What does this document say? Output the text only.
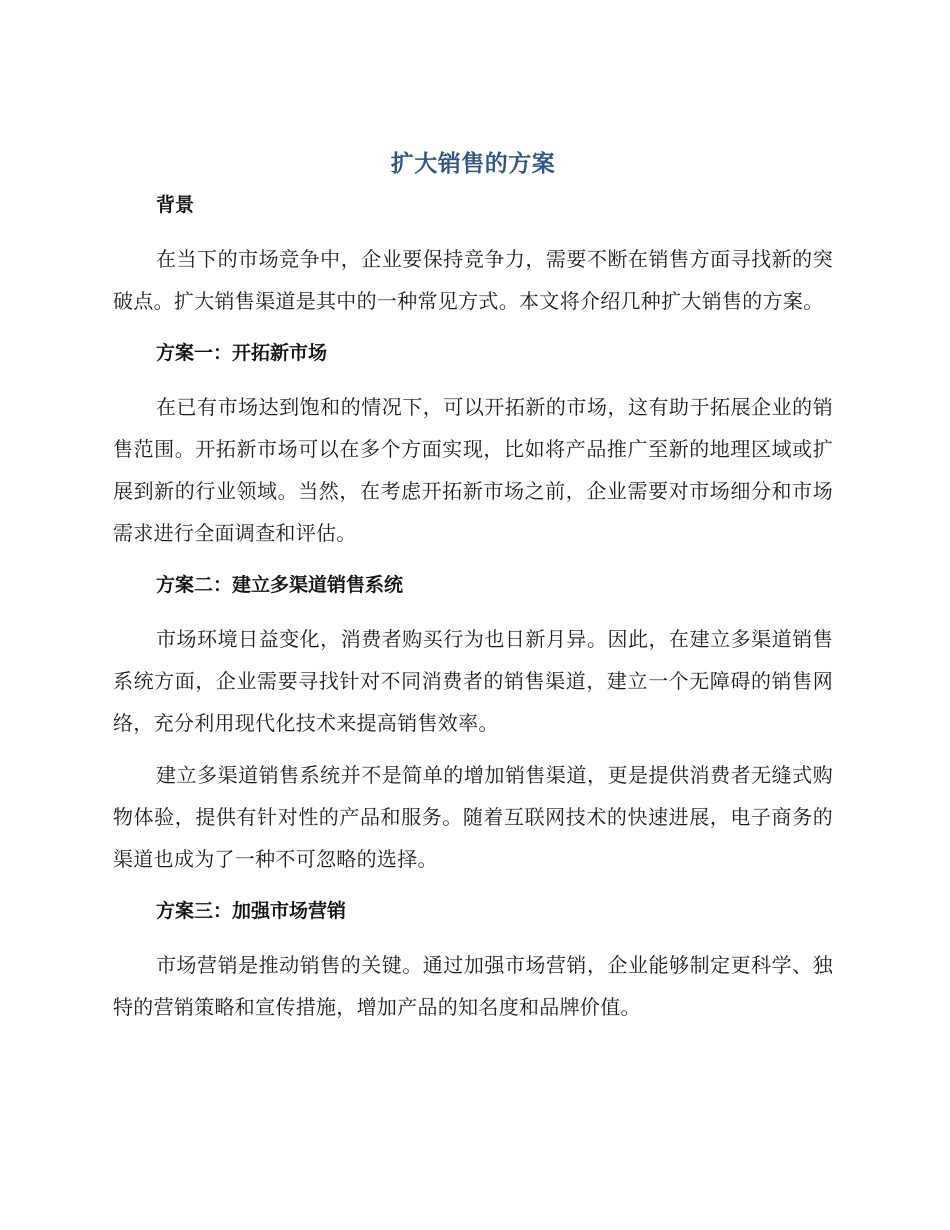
扩大销售的方案
背景

在当下的市场竞争中，企业要保持竞争力，需要不断在销售方面寻找新的突破点。扩大销售渠道是其中的一种常见方式。本文将介绍几种扩大销售的方案。

方案一：开拓新市场

在已有市场达到饱和的情况下，可以开拓新的市场，这有助于拓展企业的销售范围。开拓新市场可以在多个方面实现，比如将产品推广至新的地理区域或扩展到新的行业领域。当然，在考虑开拓新市场之前，企业需要对市场细分和市场需求进行全面调查和评估。

方案二：建立多渠道销售系统

市场环境日益变化，消费者购买行为也日新月异。因此，在建立多渠道销售系统方面，企业需要寻找针对不同消费者的销售渠道，建立一个无障碍的销售网络，充分利用现代化技术来提高销售效率。

建立多渠道销售系统并不是简单的增加销售渠道，更是提供消费者无缝式购物体验，提供有针对性的产品和服务。随着互联网技术的快速进展，电子商务的渠道也成为了一种不可忽略的选择。

方案三：加强市场营销

市场营销是推动销售的关键。通过加强市场营销，企业能够制定更科学、独特的营销策略和宣传措施，增加产品的知名度和品牌价值。
